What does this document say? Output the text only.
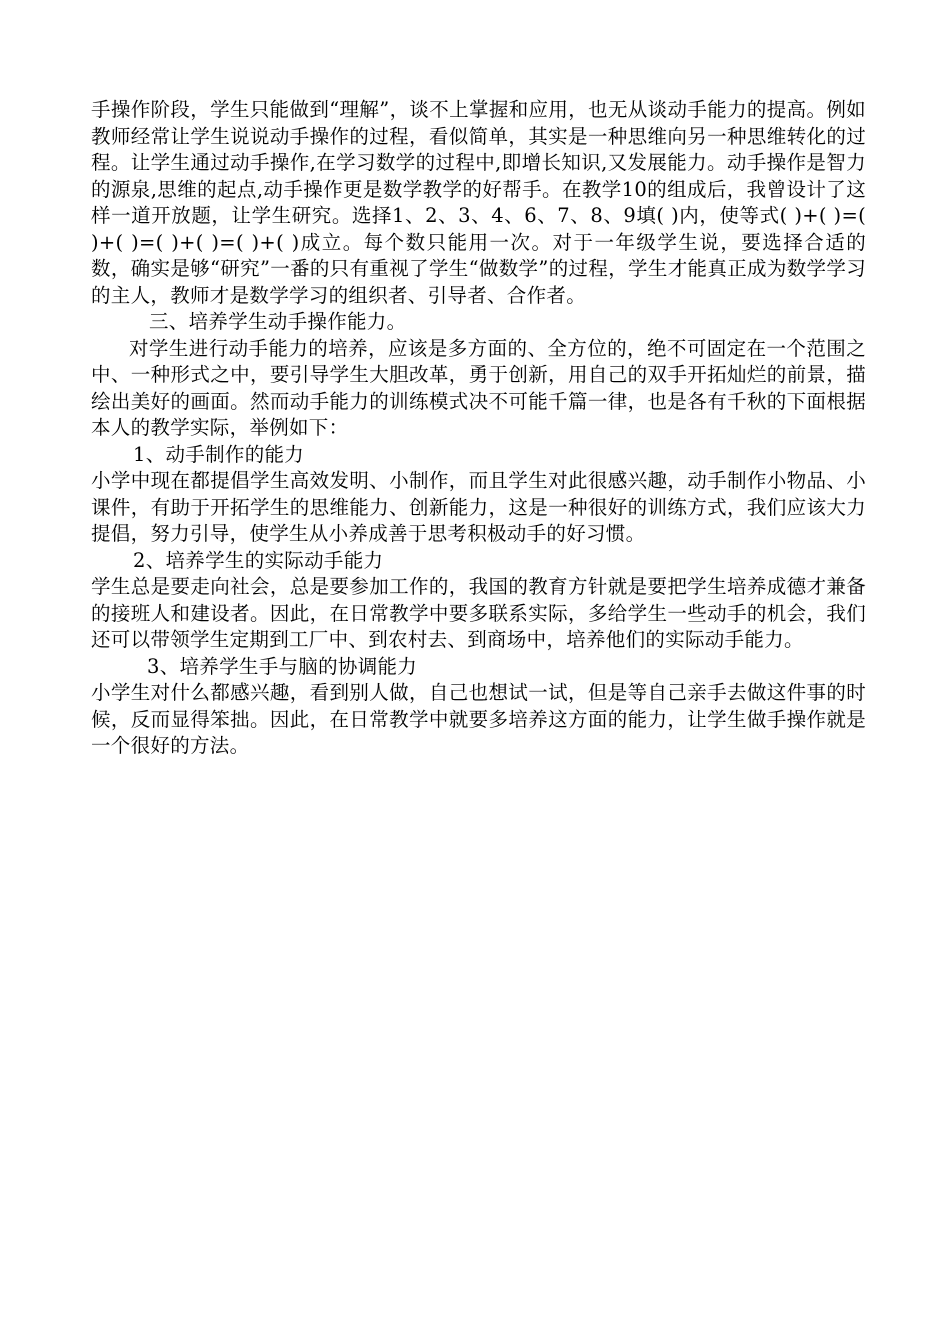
手操作阶段，学生只能做到“理解”，谈不上掌握和应用，也无从谈动手能力的提高。例如教师经常让学生说说动手操作的过程，看似简单，其实是一种思维向另一种思维转化的过程。让学生通过动手操作,在学习数学的过程中,即增长知识,又发展能力。动手操作是智力的源泉,思维的起点,动手操作更是数学教学的好帮手。在教学10的组成后，我曾设计了这样一道开放题，让学生研究。选择1、2、3、4、6、7、8、9填( )内，使等式( )+( )=( )+( )=( )+( )=( )+( )成立。每个数只能用一次。对于一年级学生说，要选择合适的数，确实是够“研究”一番的只有重视了学生“做数学”的过程，学生才能真正成为数学学习的主人，教师才是数学学习的组织者、引导者、合作者。

三、培养学生动手操作能力。

对学生进行动手能力的培养，应该是多方面的、全方位的，绝不可固定在一个范围之中、一种形式之中，要引导学生大胆改革，勇于创新，用自己的双手开拓灿烂的前景，描绘出美好的画面。然而动手能力的训练模式决不可能千篇一律，也是各有千秋的下面根据本人的教学实际，举例如下：

1、动手制作的能力

小学中现在都提倡学生高效发明、小制作，而且学生对此很感兴趣，动手制作小物品、小课件，有助于开拓学生的思维能力、创新能力，这是一种很好的训练方式，我们应该大力提倡，努力引导，使学生从小养成善于思考积极动手的好习惯。

2、培养学生的实际动手能力

学生总是要走向社会，总是要参加工作的，我国的教育方针就是要把学生培养成德才兼备的接班人和建设者。因此，在日常教学中要多联系实际，多给学生一些动手的机会，我们还可以带领学生定期到工厂中、到农村去、到商场中，培养他们的实际动手能力。

3、培养学生手与脑的协调能力

小学生对什么都感兴趣，看到别人做，自己也想试一试，但是等自己亲手去做这件事的时候，反而显得笨拙。因此，在日常教学中就要多培养这方面的能力，让学生做手操作就是一个很好的方法。
